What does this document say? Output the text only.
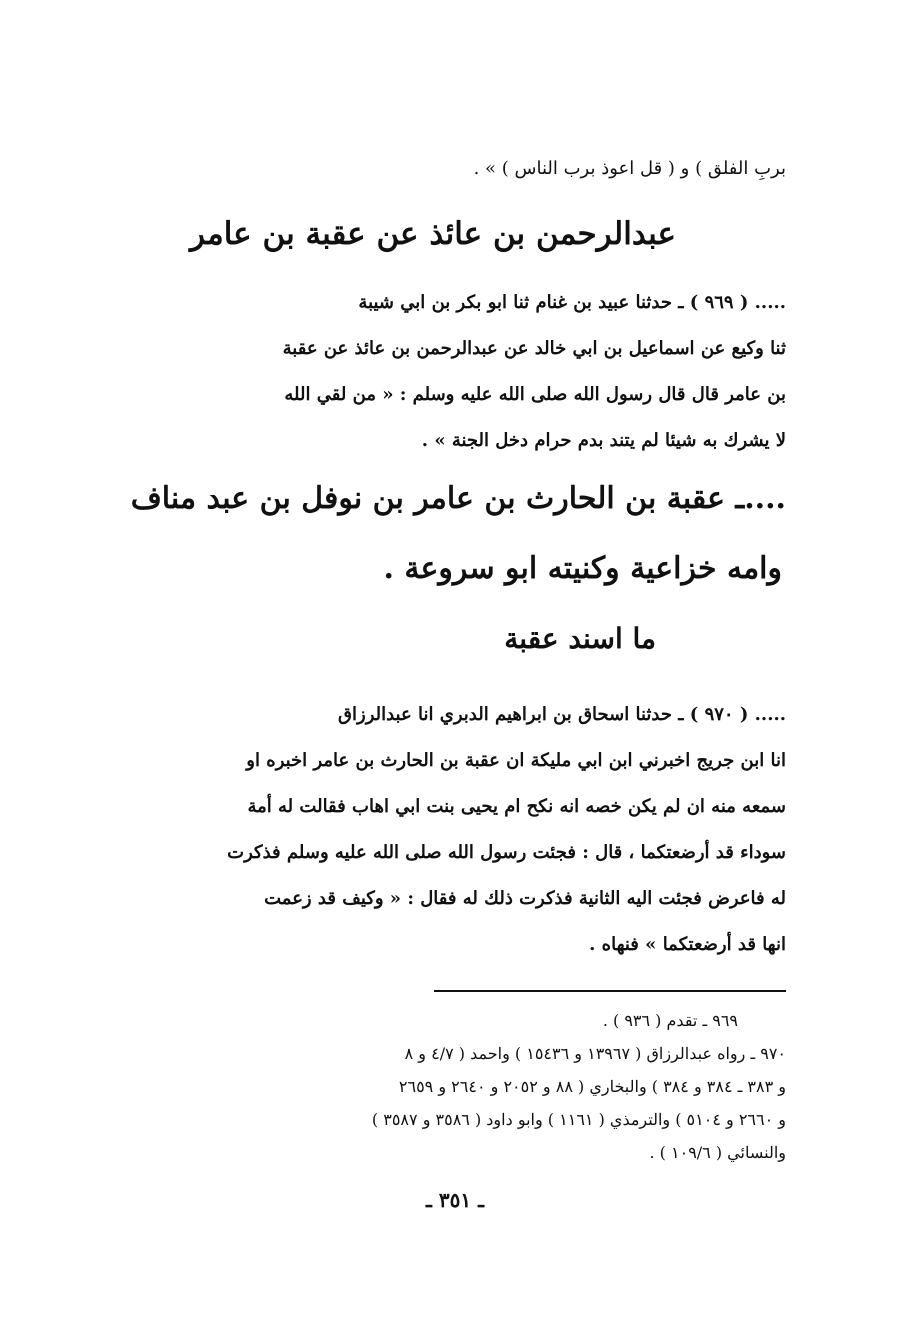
بربِ الفلق ) و ( قل اعوذ برب الناس ) » .
عبدالرحمن بن عائذ عن عقبة بن عامر
..... ( ٩٦٩ ) ـ حدثنا عبيد بن غنام ثنا ابو بكر بن ابي شيبة
ثنا وكيع عن اسماعيل بن ابي خالد عن عبدالرحمن بن عائذ عن عقبة
بن عامر قال قال رسول الله صلى الله عليه وسلم : « من لقي الله
لا يشرك به شيئا لم يتند بدم حرام دخل الجنة » .
....ـ عقبة بن الحارث بن عامر بن نوفل بن عبد مناف
وامه خزاعية وكنيته ابو سروعة .
ما اسند عقبة
..... ( ٩٧٠ ) ـ حدثنا اسحاق بن ابراهيم الدبري انا عبدالرزاق
انا ابن جريج اخبرني ابن ابي مليكة ان عقبة بن الحارث بن عامر اخبره او
سمعه منه ان لم يكن خصه انه نكح ام يحيى بنت ابي اهاب فقالت له أمة
سوداء قد أرضعتكما ، قال : فجئت رسول الله صلى الله عليه وسلم فذكرت
له فاعرض فجئت اليه الثانية فذكرت ذلك له فقال : « وكيف قد زعمت
انها قد أرضعتكما » فنهاه .
٩٦٩ ـ تقدم ( ٩٣٦ ) .
٩٧٠ ـ رواه عبدالرزاق ( ١٣٩٦٧ و ١٥٤٣٦ ) واحمد ( ٤/٧ و ٨
و ٣٨٣ ـ ٣٨٤ و ٣٨٤ ) والبخاري ( ٨٨ و ٢٠٥٢ و ٢٦٤٠ و ٢٦٥٩
و ٢٦٦٠ و ٥١٠٤ ) والترمذي ( ١١٦١ ) وابو داود ( ٣٥٨٦ و ٣٥٨٧ )
والنسائي ( ١٠٩/٦ ) .
ـ ٣٥١ ـ
